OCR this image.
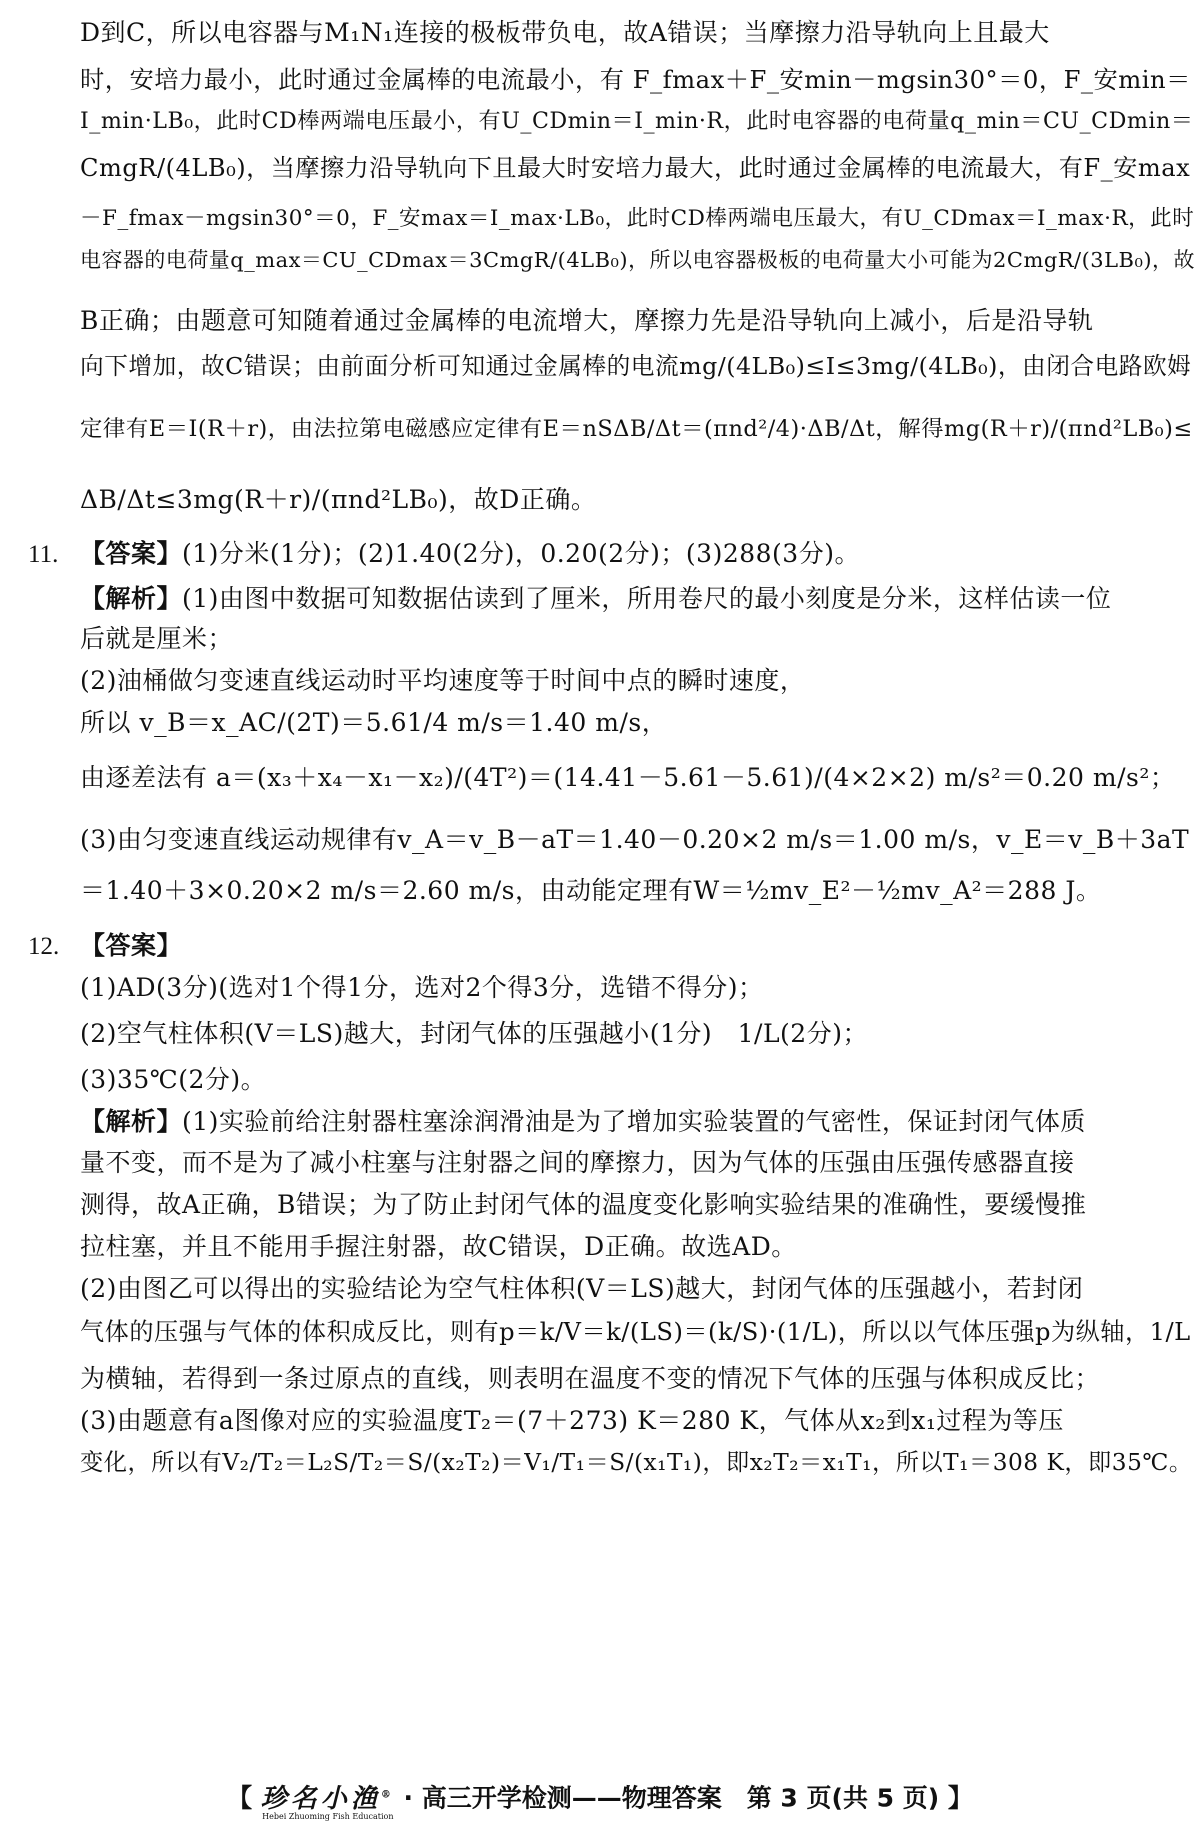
D到C，所以电容器与M₁N₁连接的极板带负电，故A错误；当摩擦力沿导轨向上且最大
时，安培力最小，此时通过金属棒的电流最小，有 F_fmax＋F_安min－mgsin30°＝0，F_安min＝
I_min·LB₀，此时CD棒两端电压最小，有U_CDmin＝I_min·R，此时电容器的电荷量q_min＝CU_CDmin＝
CmgR/(4LB₀)，当摩擦力沿导轨向下且最大时安培力最大，此时通过金属棒的电流最大，有F_安max
－F_fmax－mgsin30°＝0，F_安max＝I_max·LB₀，此时CD棒两端电压最大，有U_CDmax＝I_max·R，此时
电容器的电荷量q_max＝CU_CDmax＝3CmgR/(4LB₀)，所以电容器极板的电荷量大小可能为2CmgR/(3LB₀)，故
B正确；由题意可知随着通过金属棒的电流增大，摩擦力先是沿导轨向上减小，后是沿导轨
向下增加，故C错误；由前面分析可知通过金属棒的电流mg/(4LB₀)≤I≤3mg/(4LB₀)，由闭合电路欧姆
定律有E＝I(R＋r)，由法拉第电磁感应定律有E＝nSΔB/Δt＝(πnd²/4)·ΔB/Δt，解得mg(R＋r)/(πnd²LB₀)≤
ΔB/Δt≤3mg(R＋r)/(πnd²LB₀)，故D正确。
11. 【答案】(1)分米(1分)；(2)1.40(2分)，0.20(2分)；(3)288(3分)。
【解析】(1)由图中数据可知数据估读到了厘米，所用卷尺的最小刻度是分米，这样估读一位
后就是厘米；
(2)油桶做匀变速直线运动时平均速度等于时间中点的瞬时速度，
所以 v_B＝x_AC/(2T)＝5.61/4 m/s＝1.40 m/s，
由逐差法有 a＝(x₃＋x₄－x₁－x₂)/(4T²)＝(14.41－5.61－5.61)/(4×2×2) m/s²＝0.20 m/s²；
(3)由匀变速直线运动规律有v_A＝v_B－aT＝1.40－0.20×2 m/s＝1.00 m/s，v_E＝v_B＋3aT
＝1.40＋3×0.20×2 m/s＝2.60 m/s，由动能定理有W＝½mv_E²－½mv_A²＝288 J。
12. 【答案】
(1)AD(3分)(选对1个得1分，选对2个得3分，选错不得分)；
(2)空气柱体积(V＝LS)越大，封闭气体的压强越小(1分)　1/L(2分)；
(3)35℃(2分)。
【解析】(1)实验前给注射器柱塞涂润滑油是为了增加实验装置的气密性，保证封闭气体质
量不变，而不是为了减小柱塞与注射器之间的摩擦力，因为气体的压强由压强传感器直接
测得，故A正确，B错误；为了防止封闭气体的温度变化影响实验结果的准确性，要缓慢推
拉柱塞，并且不能用手握注射器，故C错误，D正确。故选AD。
(2)由图乙可以得出的实验结论为空气柱体积(V＝LS)越大，封闭气体的压强越小，若封闭
气体的压强与气体的体积成反比，则有p＝k/V＝k/(LS)＝(k/S)·(1/L)，所以以气体压强p为纵轴，1/L
为横轴，若得到一条过原点的直线，则表明在温度不变的情况下气体的压强与体积成反比；
(3)由题意有a图像对应的实验温度T₂＝(7＋273) K＝280 K，气体从x₂到x₁过程为等压
变化，所以有V₂/T₂＝L₂S/T₂＝S/(x₂T₂)＝V₁/T₁＝S/(x₁T₁)，即x₂T₂＝x₁T₁，所以T₁＝308 K，即35℃。
【 珍名小渔®
Hebei Zhuoming Fish Education
· 高三开学检测——物理答案　第 3 页(共 5 页) 】
